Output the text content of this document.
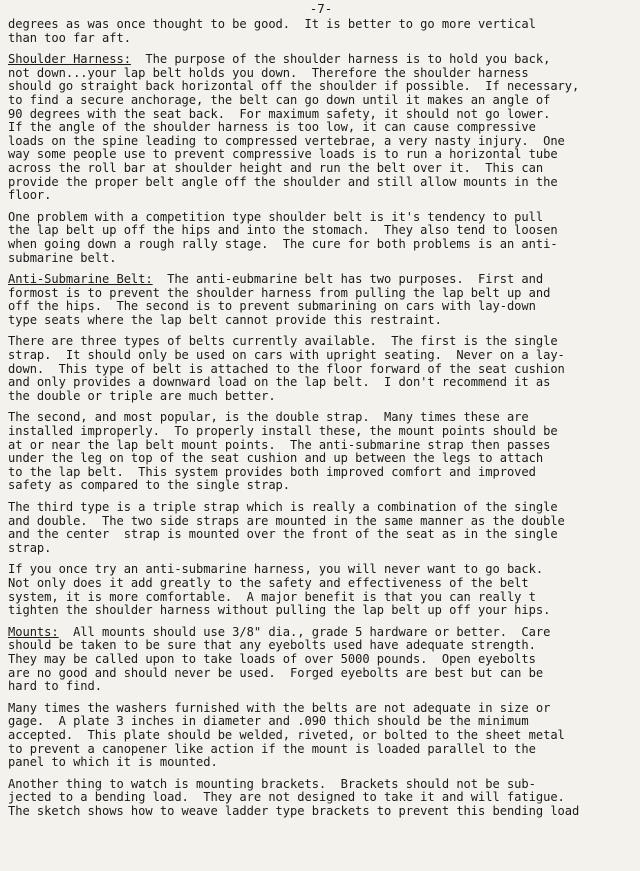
-7-
degrees as was once thought to be good.  It is better to go more vertical
than too far aft.
Shoulder Harness:  The purpose of the shoulder harness is to hold you back,
not down...your lap belt holds you down.  Therefore the shoulder harness
should go straight back horizontal off the shoulder if possible.  If necessary,
to find a secure anchorage, the belt can go down until it makes an angle of
90 degrees with the seat back.  For maximum safety, it should not go lower.
If the angle of the shoulder harness is too low, it can cause compressive
loads on the spine leading to compressed vertebrae, a very nasty injury.  One
way some people use to prevent compressive loads is to run a horizontal tube
across the roll bar at shoulder height and run the belt over it.  This can
provide the proper belt angle off the shoulder and still allow mounts in the
floor.
One problem with a competition type shoulder belt is it's tendency to pull
the lap belt up off the hips and into the stomach.  They also tend to loosen
when going down a rough rally stage.  The cure for both problems is an anti-
submarine belt.
Anti-Submarine Belt:  The anti-eubmarine belt has two purposes.  First and
formost is to prevent the shoulder harness from pulling the lap belt up and
off the hips.  The second is to prevent submarining on cars with lay-down
type seats where the lap belt cannot provide this restraint.
There are three types of belts currently available.  The first is the single
strap.  It should only be used on cars with upright seating.  Never on a lay-
down.  This type of belt is attached to the floor forward of the seat cushion
and only provides a downward load on the lap belt.  I don't recommend it as
the double or triple are much better.
The second, and most popular, is the double strap.  Many times these are
installed improperly.  To properly install these, the mount points should be
at or near the lap belt mount points.  The anti-submarine strap then passes
under the leg on top of the seat cushion and up between the legs to attach
to the lap belt.  This system provides both improved comfort and improved
safety as compared to the single strap.
The third type is a triple strap which is really a combination of the single
and double.  The two side straps are mounted in the same manner as the double
and the center  strap is mounted over the front of the seat as in the single
strap.
If you once try an anti-submarine harness, you will never want to go back.
Not only does it add greatly to the safety and effectiveness of the belt
system, it is more comfortable.  A major benefit is that you can really t
tighten the shoulder harness without pulling the lap belt up off your hips.
Mounts:  All mounts should use 3/8" dia., grade 5 hardware or better.  Care
should be taken to be sure that any eyebolts used have adequate strength.
They may be called upon to take loads of over 5000 pounds.  Open eyebolts
are no good and should never be used.  Forged eyebolts are best but can be
hard to find.
Many times the washers furnished with the belts are not adequate in size or
gage.  A plate 3 inches in diameter and .090 thich should be the minimum
accepted.  This plate should be welded, riveted, or bolted to the sheet metal
to prevent a canopener like action if the mount is loaded parallel to the
panel to which it is mounted.
Another thing to watch is mounting brackets.  Brackets should not be sub-
jected to a bending load.  They are not designed to take it and will fatigue.
The sketch shows how to weave ladder type brackets to prevent this bending load
